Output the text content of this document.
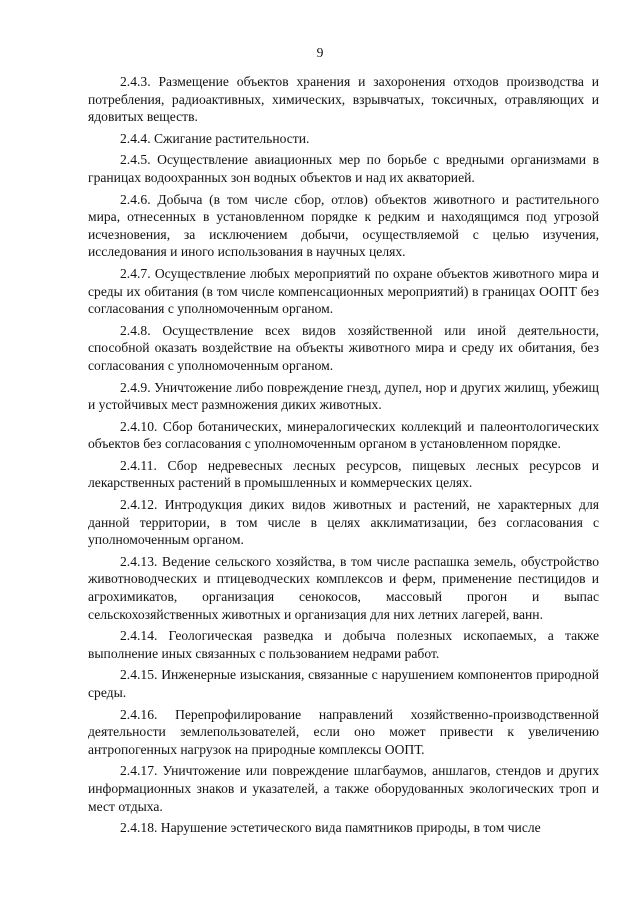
9

2.4.3. Размещение объектов хранения и захоронения отходов производства и потребления, радиоактивных, химических, взрывчатых, токсичных, отравляющих и ядовитых веществ.

2.4.4. Сжигание растительности.

2.4.5. Осуществление авиационных мер по борьбе с вредными организмами в границах водоохранных зон водных объектов и над их акваторией.

2.4.6. Добыча (в том числе сбор, отлов) объектов животного и растительного мира, отнесенных в установленном порядке к редким и находящимся под угрозой исчезновения, за исключением добычи, осуществляемой с целью изучения, исследования и иного использования в научных целях.

2.4.7. Осуществление любых мероприятий по охране объектов животного мира и среды их обитания (в том числе компенсационных мероприятий) в границах ООПТ без согласования с уполномоченным органом.

2.4.8. Осуществление всех видов хозяйственной или иной деятельности, способной оказать воздействие на объекты животного мира и среду их обитания, без согласования с уполномоченным органом.

2.4.9. Уничтожение либо повреждение гнезд, дупел, нор и других жилищ, убежищ и устойчивых мест размножения диких животных.

2.4.10. Сбор ботанических, минералогических коллекций и палеонтологических объектов без согласования с уполномоченным органом в установленном порядке.

2.4.11. Сбор недревесных лесных ресурсов, пищевых лесных ресурсов и лекарственных растений в промышленных и коммерческих целях.

2.4.12. Интродукция диких видов животных и растений, не характерных для данной территории, в том числе в целях акклиматизации, без согласования с уполномоченным органом.

2.4.13. Ведение сельского хозяйства, в том числе распашка земель, обустройство животноводческих и птицеводческих комплексов и ферм, применение пестицидов и агрохимикатов, организация сенокосов, массовый прогон и выпас сельскохозяйственных животных и организация для них летних лагерей, ванн.

2.4.14. Геологическая разведка и добыча полезных ископаемых, а также выполнение иных связанных с пользованием недрами работ.

2.4.15. Инженерные изыскания, связанные с нарушением компонентов природной среды.

2.4.16. Перепрофилирование направлений хозяйственно-производственной деятельности землепользователей, если оно может привести к увеличению антропогенных нагрузок на природные комплексы ООПТ.

2.4.17. Уничтожение или повреждение шлагбаумов, аншлагов, стендов и других информационных знаков и указателей, а также оборудованных экологических троп и мест отдыха.

2.4.18. Нарушение эстетического вида памятников природы, в том числе
